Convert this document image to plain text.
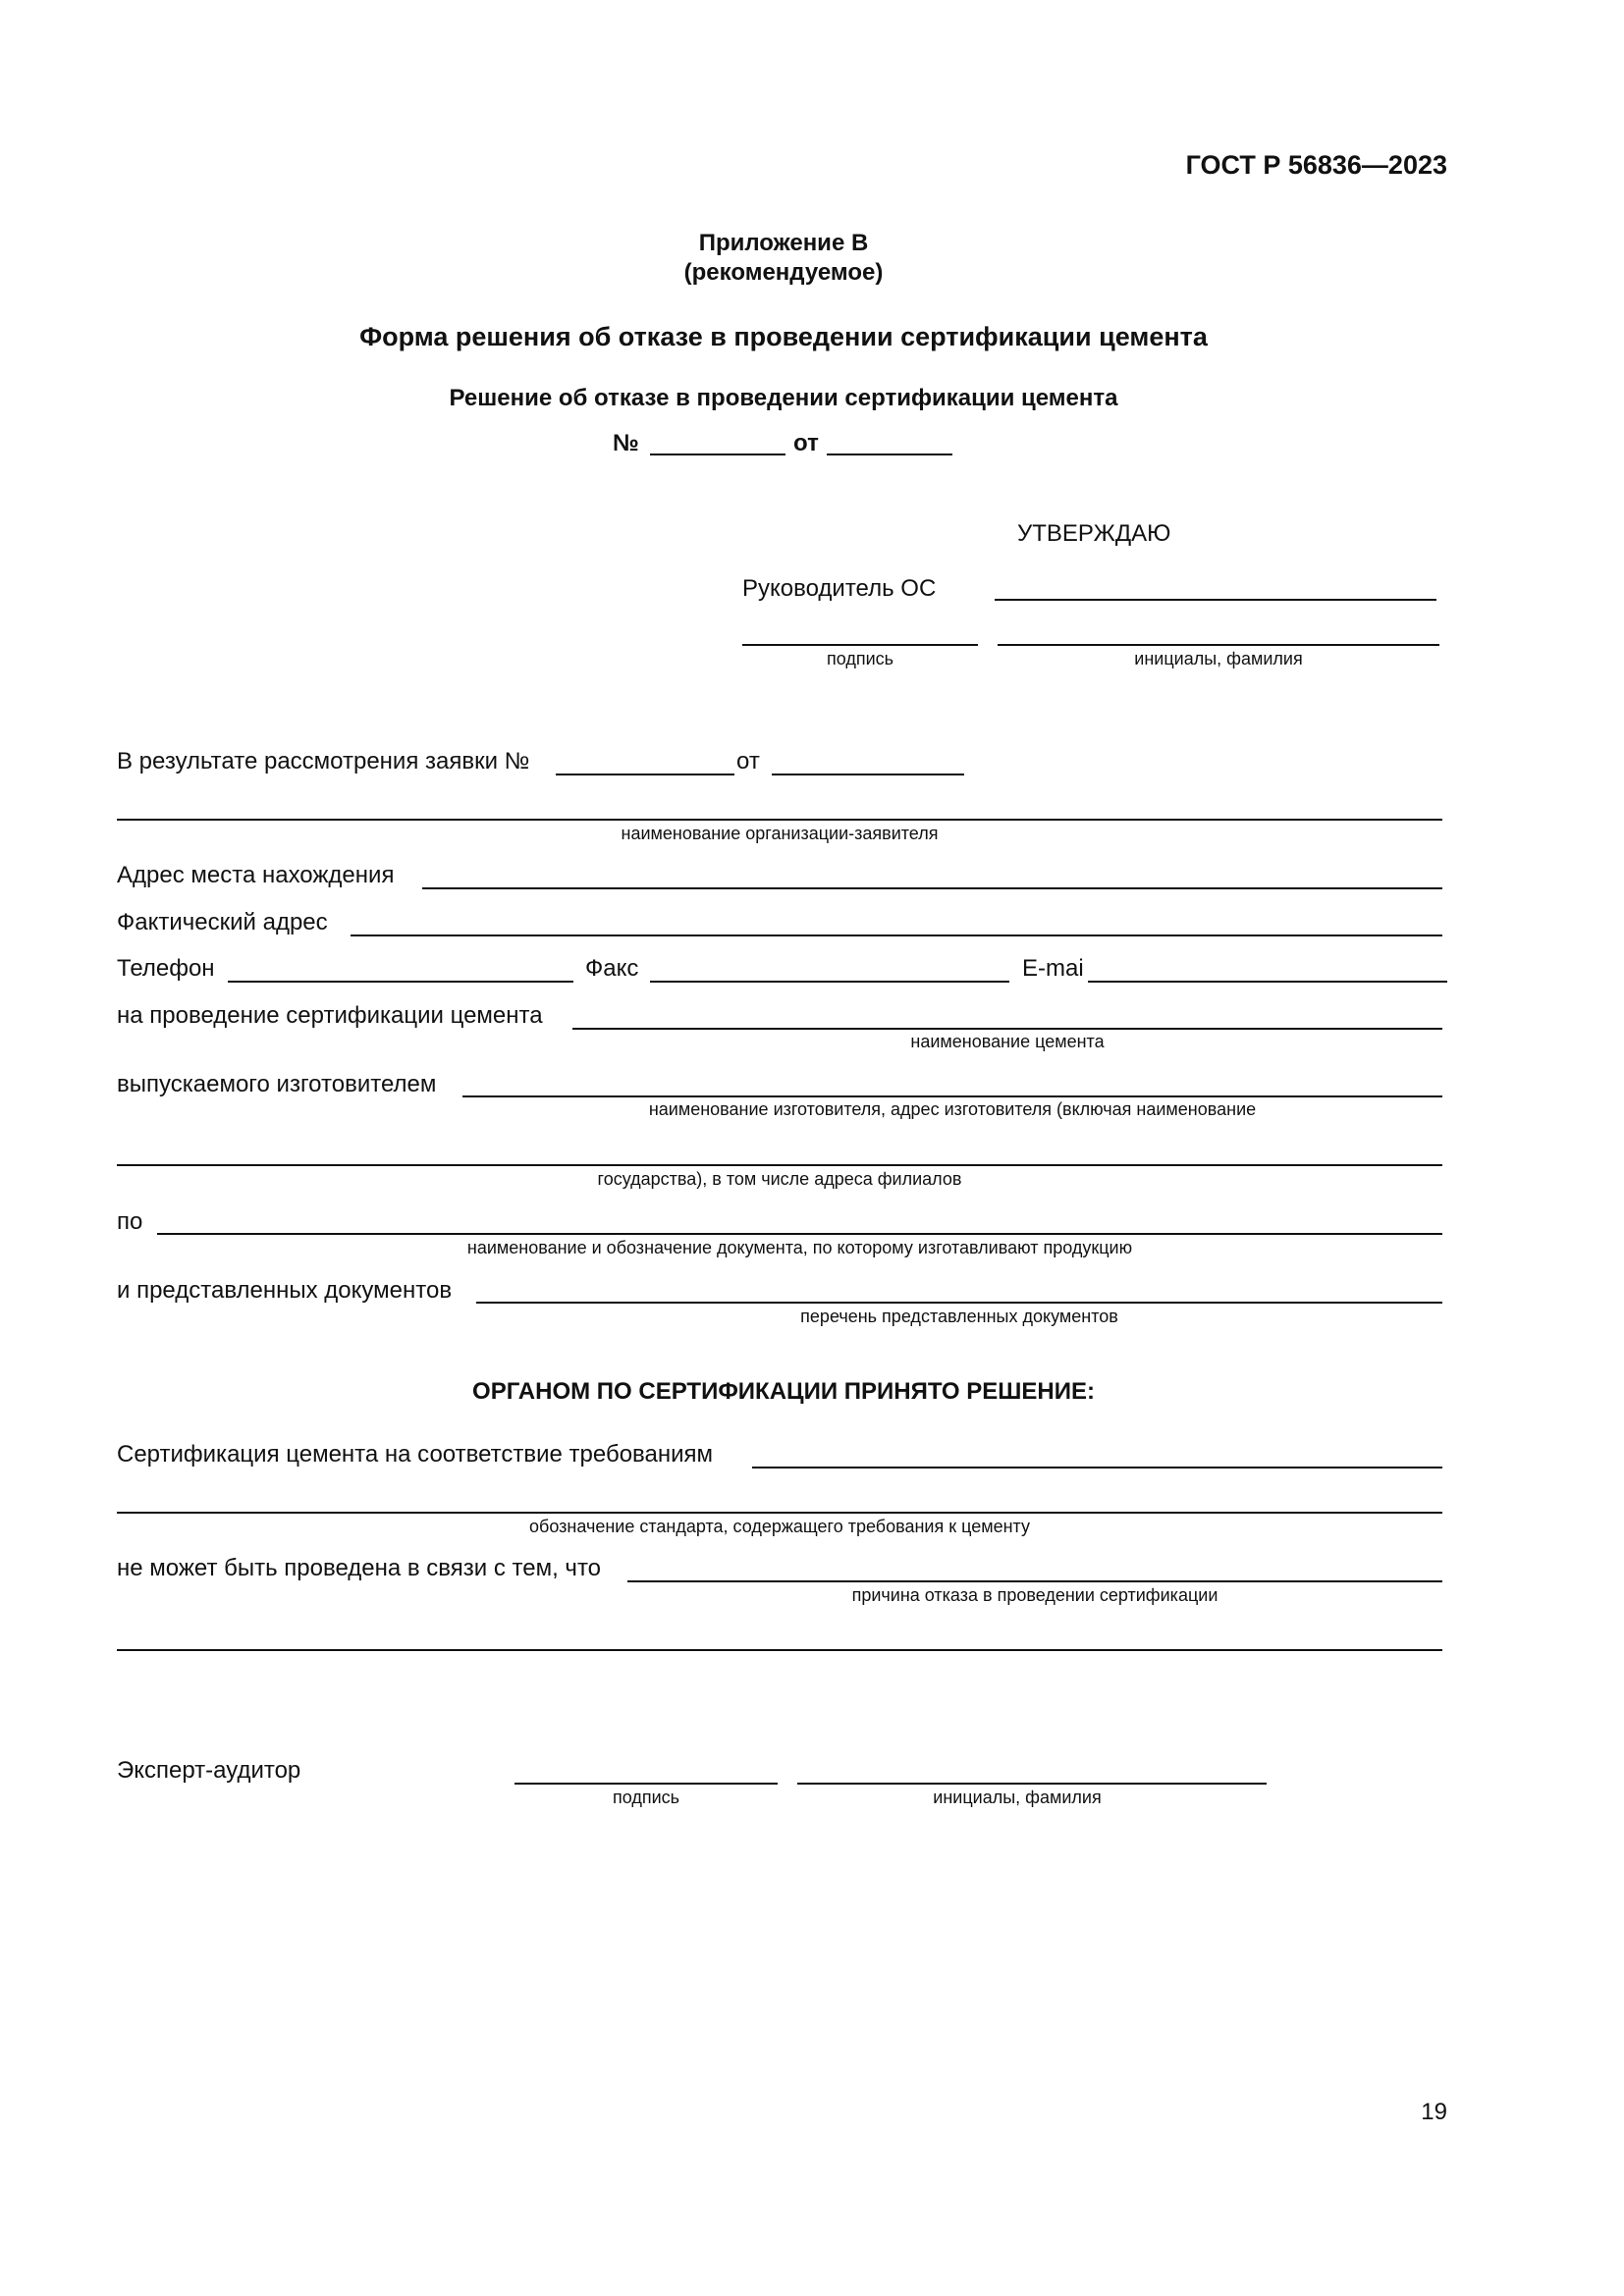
ГОСТ Р 56836—2023
Приложение В
(рекомендуемое)
Форма решения об отказе в проведении сертификации цемента
Решение об отказе в проведении сертификации цемента
№	от
УТВЕРЖДАЮ
Руководитель ОС
подпись	инициалы, фамилия
В результате рассмотрения заявки №	от
наименование организации-заявителя
Адрес места нахождения
Фактический адрес
Телефон	Факс	E-mai
на проведение сертификации цемента
наименование цемента
выпускаемого изготовителем
наименование изготовителя, адрес изготовителя (включая наименование
государства), в том числе адреса филиалов
по
наименование и обозначение документа, по которому изготавливают продукцию
и представленных документов
перечень представленных документов
ОРГАНОМ ПО СЕРТИФИКАЦИИ ПРИНЯТО РЕШЕНИЕ:
Сертификация цемента на соответствие требованиям
обозначение стандарта, содержащего требования к цементу
не может быть проведена в связи с тем, что
причина отказа в проведении сертификации
Эксперт-аудитор
подпись	инициалы, фамилия
19
